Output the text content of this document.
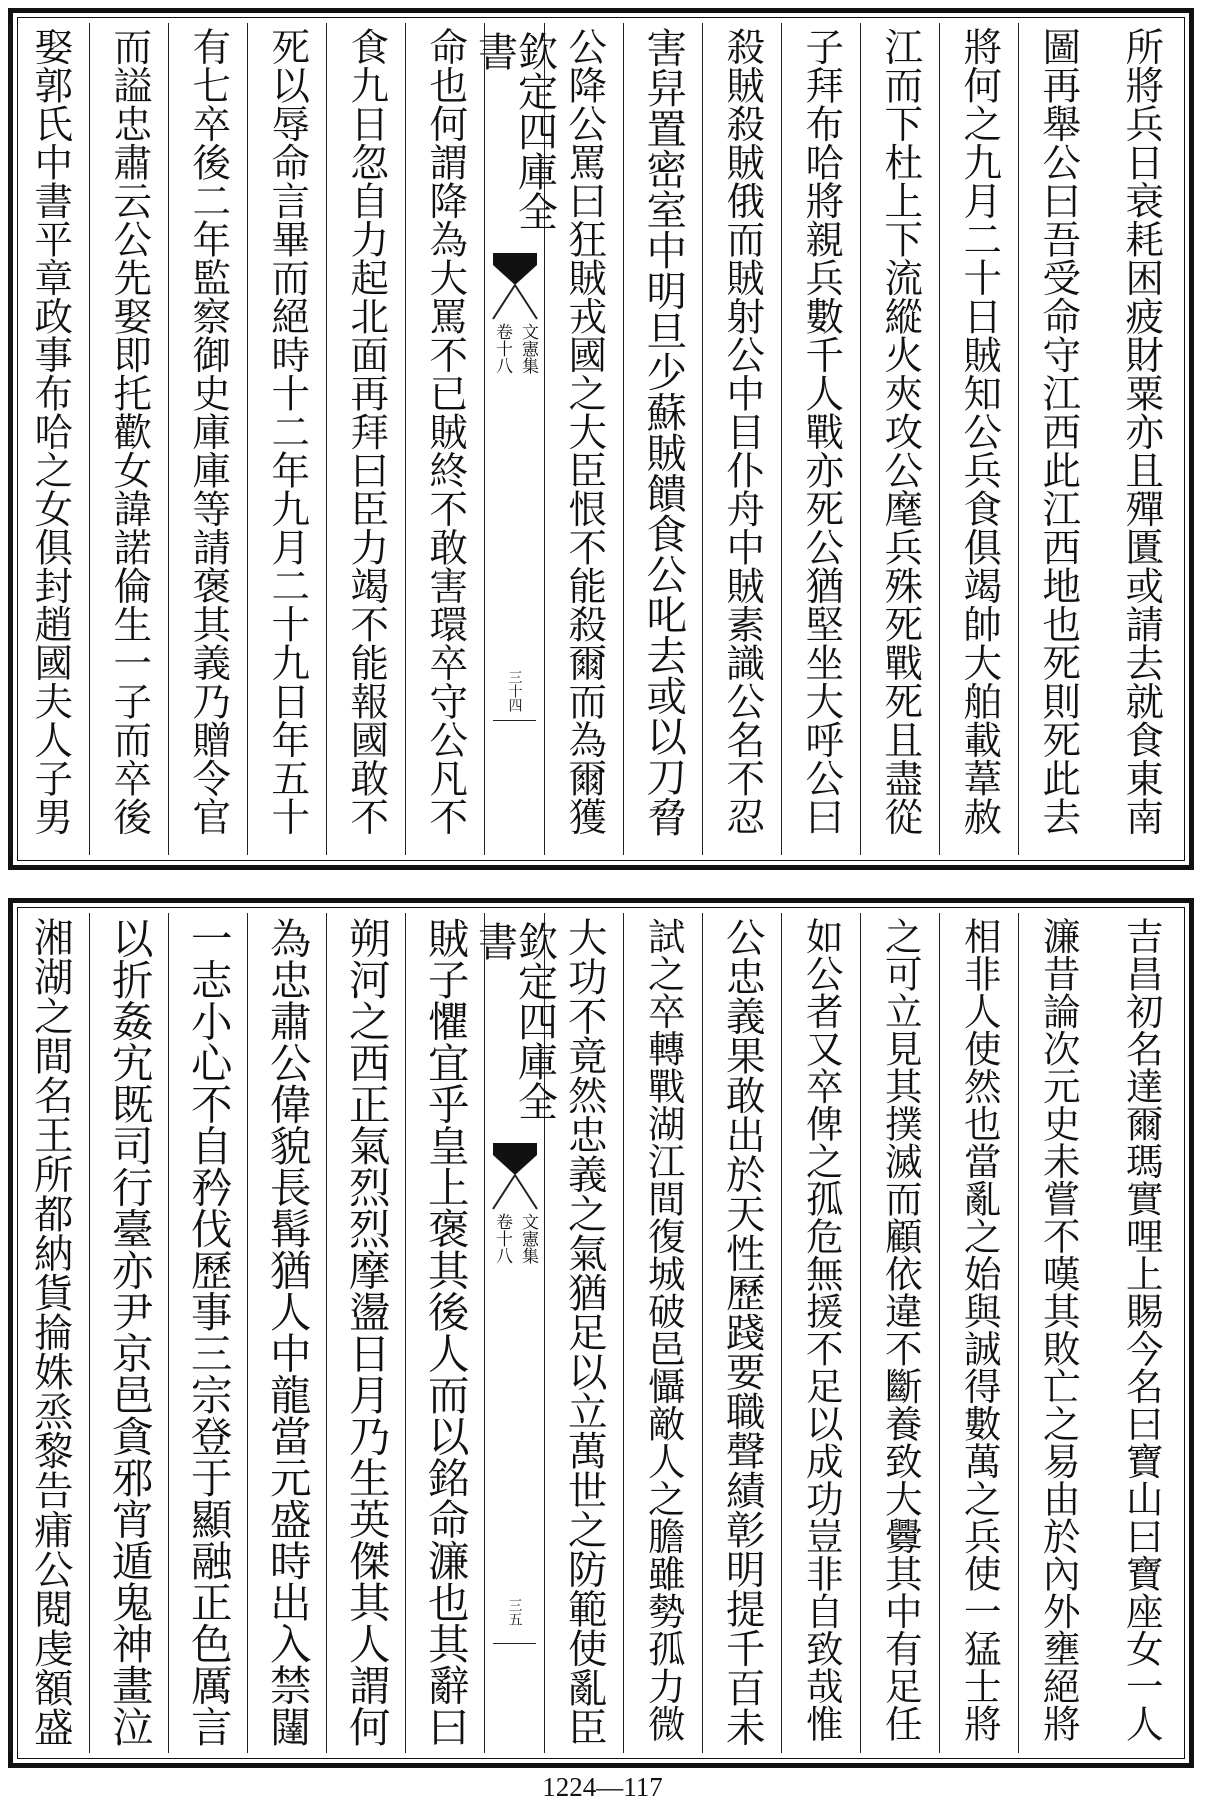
所將兵日衰耗困疲財粟亦且殫匱或請去就食東南
圖再舉公曰吾受命守江西此江西地也死則死此去
將何之九月二十日賊知公兵食俱竭帥大舶載葦赦
江而下杜上下流縱火夾攻公麾兵殊死戰死且盡從
子拜布哈將親兵數千人戰亦死公猶堅坐大呼公曰
殺賊殺賊俄而賊射公中目仆舟中賊素識公名不忍
害舁置密室中明旦少蘇賊饋食公叱去或以刀脅
公降公罵曰狂賊戎國之大臣恨不能殺爾而為爾獲
欽定四庫全書
文憲集
卷十八
三十四
命也何謂降為大罵不已賊終不敢害環卒守公凡不
食九日忽自力起北面再拜曰臣力竭不能報國敢不
死以辱命言畢而絕時十二年九月二十九日年五十
有七卒後二年監察御史庫庫等請褒其義乃贈令官
而謚忠肅云公先娶即托歡女諱諾倫生一子而卒後
娶郭氏中書平章政事布哈之女俱封趙國夫人子男
吉昌初名達爾瑪實哩上賜今名曰寶山曰寶座女一人
濂昔論次元史未嘗不嘆其敗亡之易由於內外壅絕將
相非人使然也當亂之始與誠得數萬之兵使一猛士將
之可立見其撲滅而顧依違不斷養致大釁其中有足任
如公者又卒俾之孤危無援不足以成功豈非自致哉惟
公忠義果敢出於天性歷踐要職聲績彰明提千百未
試之卒轉戰湖江間復城破邑懾敵人之膽雖勢孤力微
大功不竟然忠義之氣猶足以立萬世之防範使亂臣
欽定四庫全書
文憲集
卷十八
三五
賊子懼宜乎皇上褒其後人而以銘命濂也其辭曰
朔河之西正氣烈烈摩盪日月乃生英傑其人謂何
為忠肅公偉貌長髯猶人中龍當元盛時出入禁闥
一志小心不自矜伐歷事三宗登于顯融正色厲言
以折姦宄既司行臺亦尹京邑貪邪宵遁鬼神畫泣
湘湖之間名王所都納貨掄姝烝黎告痡公閱虔額盛
1224—117
